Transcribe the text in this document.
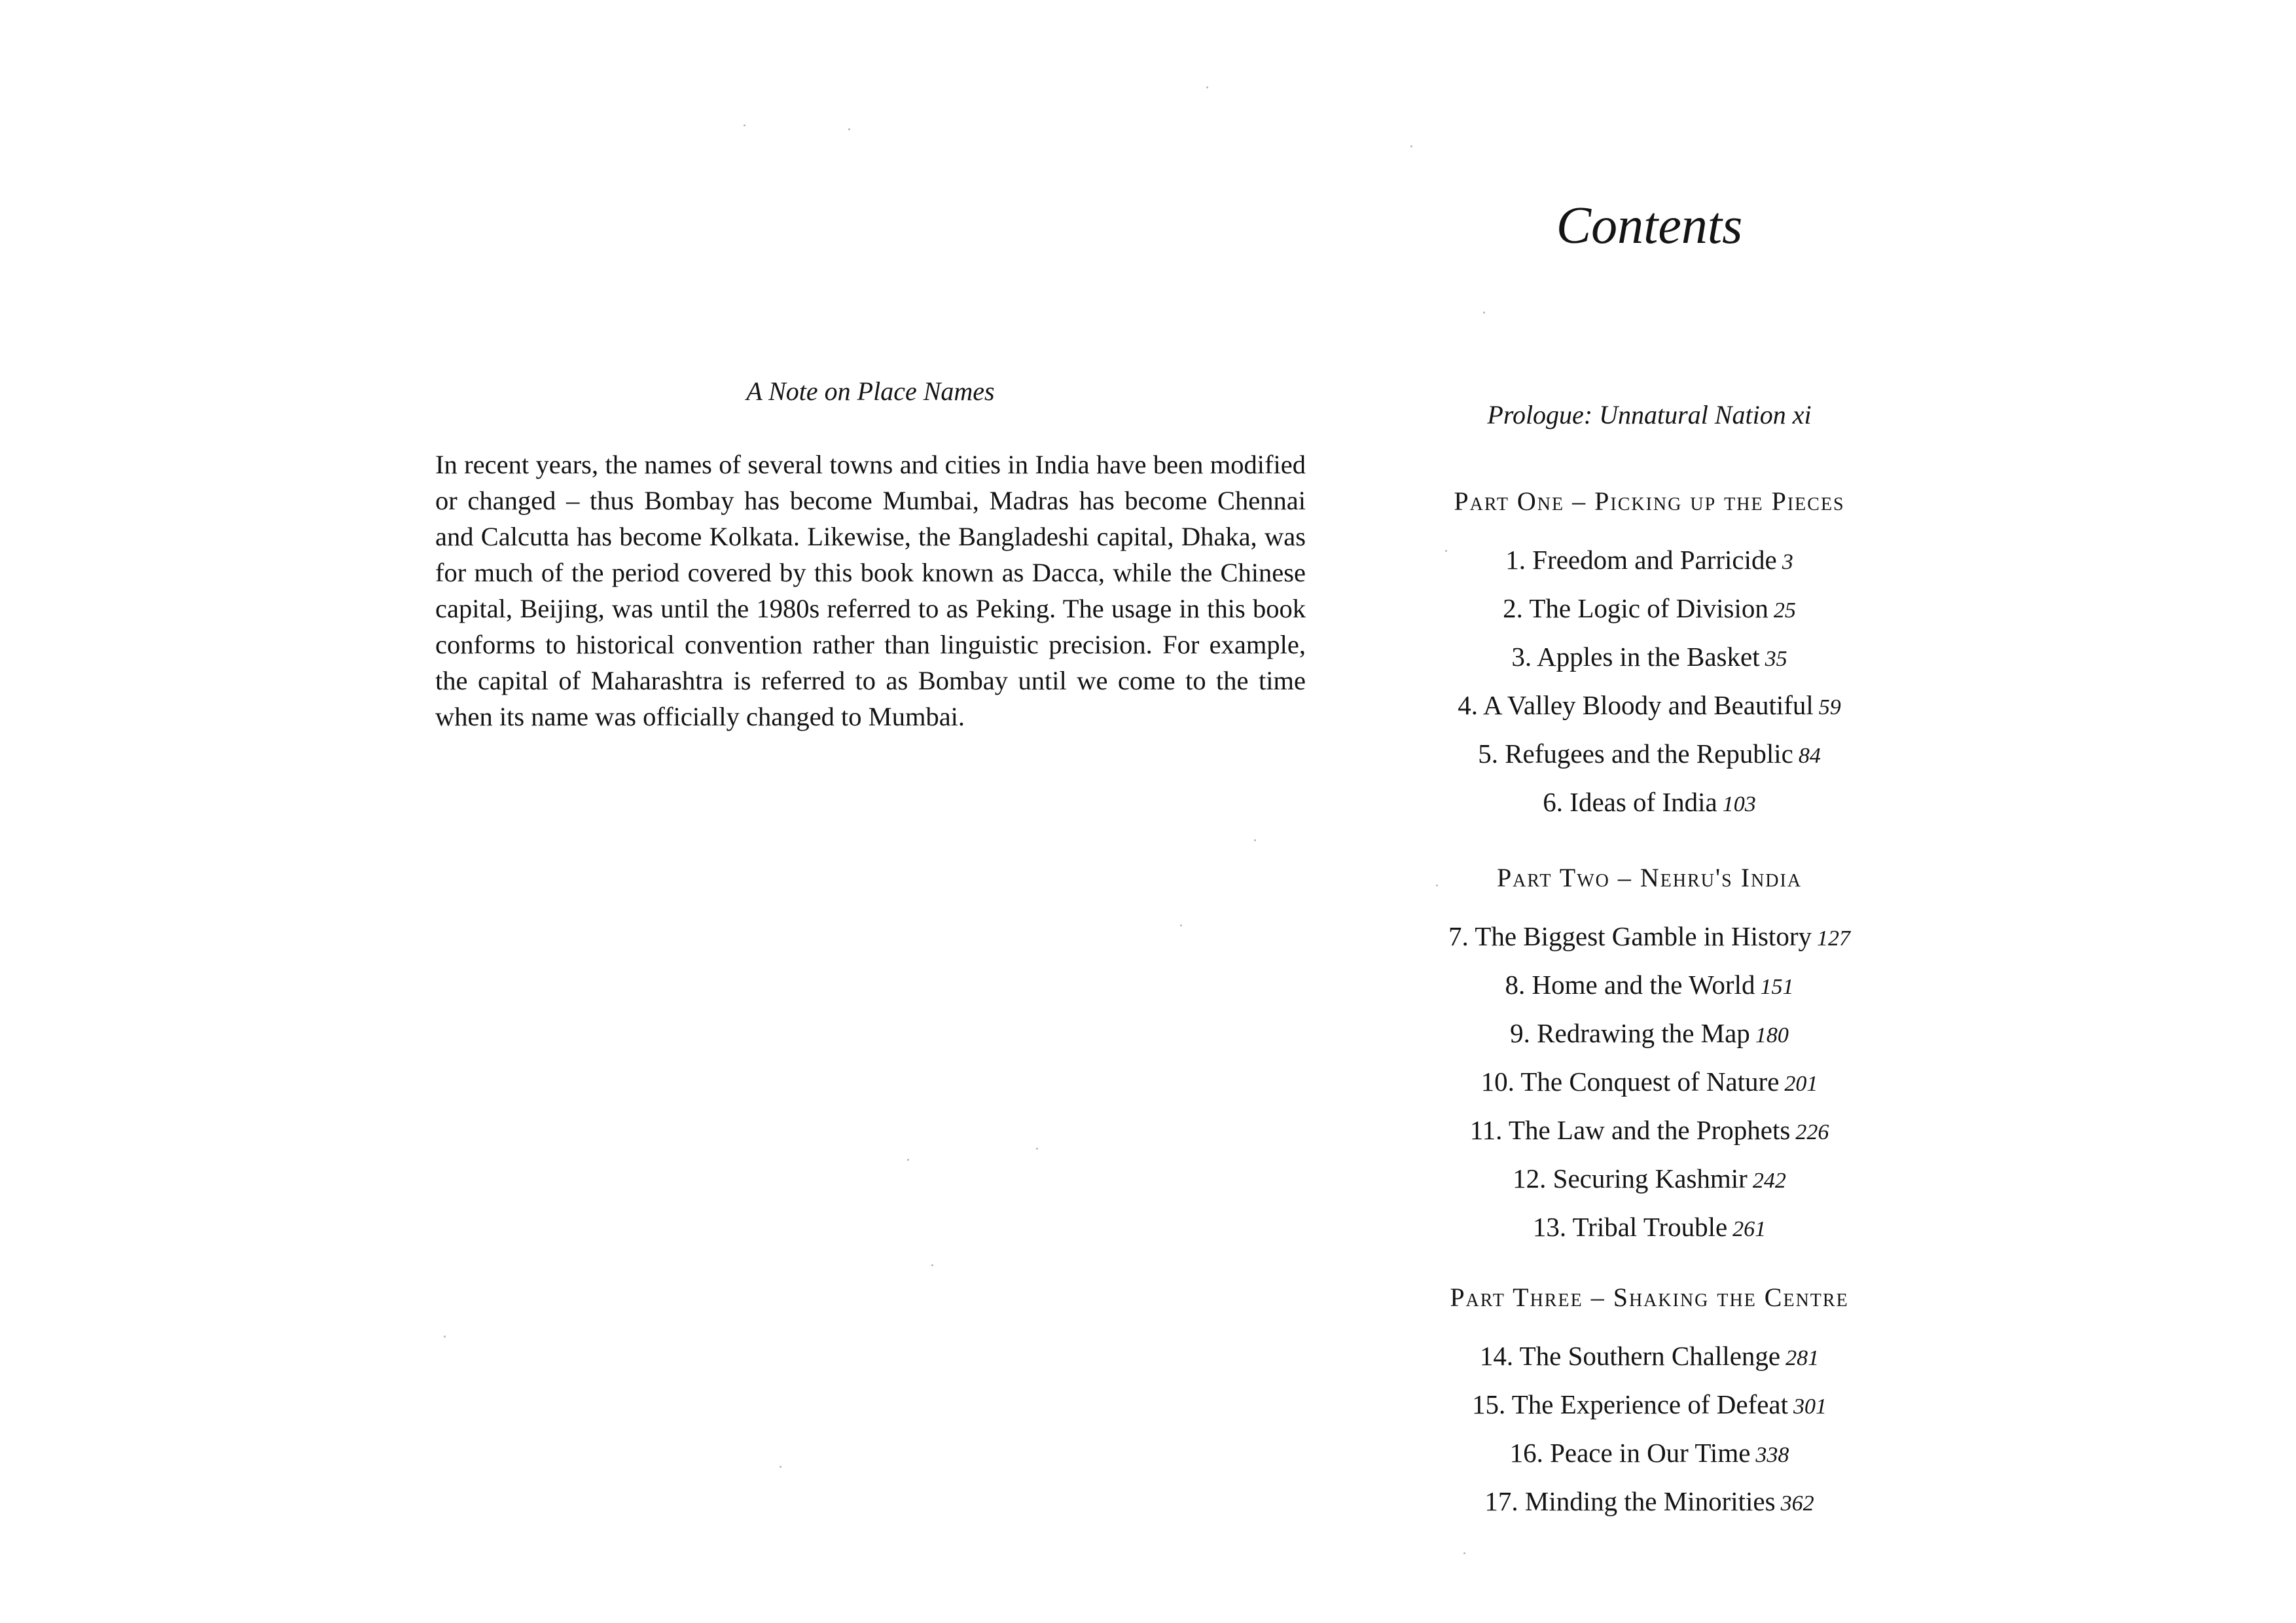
A Note on Place Names

In recent years, the names of several towns and cities in India have been modified or changed – thus Bombay has become Mumbai, Madras has become Chennai and Calcutta has become Kolkata. Likewise, the Bangladeshi capital, Dhaka, was for much of the period covered by this book known as Dacca, while the Chinese capital, Beijing, was until the 1980s referred to as Peking. The usage in this book conforms to historical convention rather than linguistic precision. For example, the capital of Maharashtra is referred to as Bombay until we come to the time when its name was officially changed to Mumbai.

Contents
Prologue: Unnatural Nation xi
Part One – Picking up the Pieces
1. Freedom and Parricide 3
2. The Logic of Division 25
3. Apples in the Basket 35
4. A Valley Bloody and Beautiful 59
5. Refugees and the Republic 84
6. Ideas of India 103
Part Two – Nehru's India
7. The Biggest Gamble in History 127
8. Home and the World 151
9. Redrawing the Map 180
10. The Conquest of Nature 201
11. The Law and the Prophets 226
12. Securing Kashmir 242
13. Tribal Trouble 261
Part Three – Shaking the Centre
14. The Southern Challenge 281
15. The Experience of Defeat 301
16. Peace in Our Time 338
17. Minding the Minorities 362
